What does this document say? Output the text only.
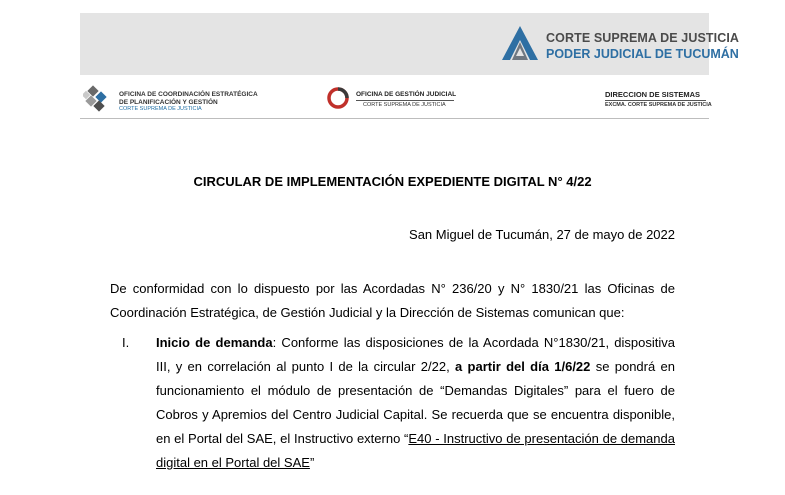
CORTE SUPREMA DE JUSTICIA
PODER JUDICIAL DE TUCUMÁN
OFICINA DE COORDINACIÓN ESTRATÉGICA
DE PLANIFICACIÓN Y GESTIÓN
CORTE SUPREMA DE JUSTICIA
OFICINA DE GESTIÓN JUDICIAL
CORTE SUPREMA DE JUSTICIA
DIRECCION DE SISTEMAS
EXCMA. CORTE SUPREMA DE JUSTICIA
CIRCULAR DE IMPLEMENTACIÓN EXPEDIENTE DIGITAL N° 4/22
San Miguel de Tucumán, 27 de mayo de 2022
De conformidad con lo dispuesto por las Acordadas N° 236/20 y N° 1830/21 las Oficinas de Coordinación Estratégica, de Gestión Judicial y la Dirección de Sistemas comunican que:
I. Inicio de demanda: Conforme las disposiciones de la Acordada N°1830/21, dispositiva III, y en correlación al punto I de la circular 2/22, a partir del día 1/6/22 se pondrá en funcionamiento el módulo de presentación de “Demandas Digitales” para el fuero de Cobros y Apremios del Centro Judicial Capital. Se recuerda que se encuentra disponible, en el Portal del SAE, el Instructivo externo “E40 - Instructivo de presentación de demanda digital en el Portal del SAE”
